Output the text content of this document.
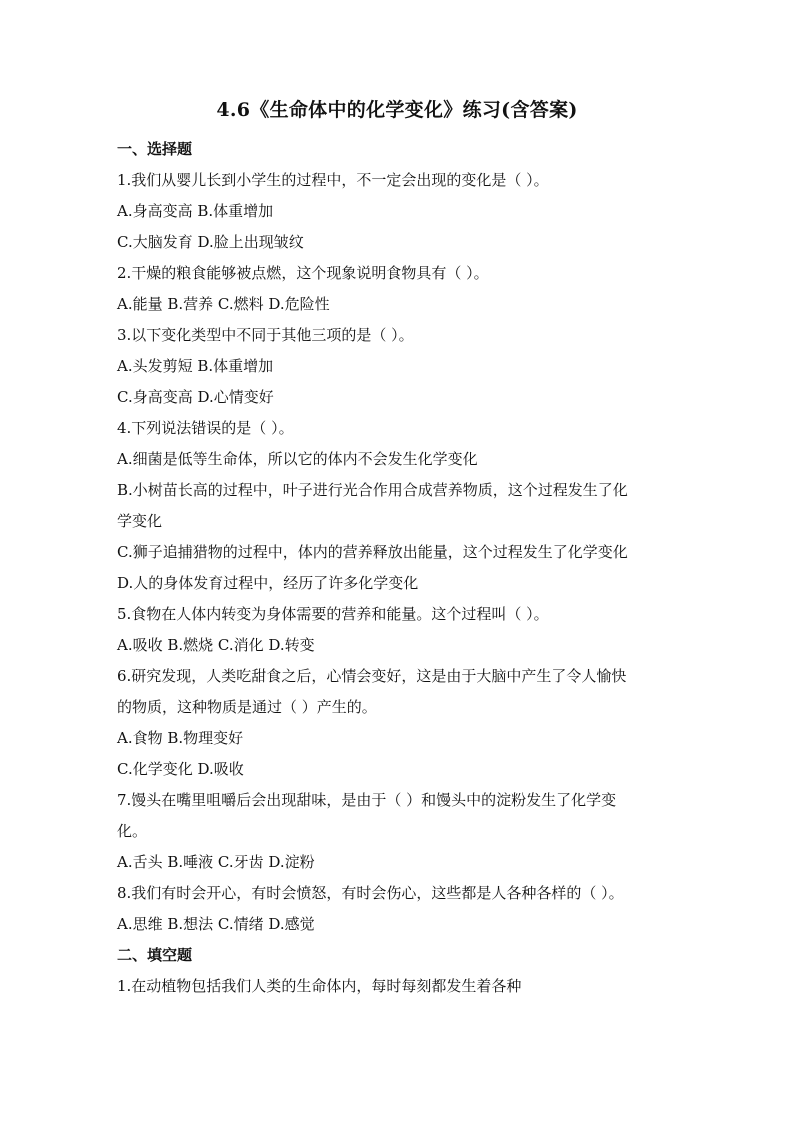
4.6《生命体中的化学变化》练习(含答案)
一、选择题
1.我们从婴儿长到小学生的过程中，不一定会出现的变化是（ ）。
A.身高变高 B.体重增加
C.大脑发育 D.脸上出现皱纹
2.干燥的粮食能够被点燃，这个现象说明食物具有（ ）。
A.能量 B.营养 C.燃料 D.危险性
3.以下变化类型中不同于其他三项的是（ ）。
A.头发剪短 B.体重增加
C.身高变高 D.心情变好
4.下列说法错误的是（ ）。
A.细菌是低等生命体，所以它的体内不会发生化学变化
B.小树苗长高的过程中，叶子进行光合作用合成营养物质，这个过程发生了化
学变化
C.狮子追捕猎物的过程中，体内的营养释放出能量，这个过程发生了化学变化
D.人的身体发育过程中，经历了许多化学变化
5.食物在人体内转变为身体需要的营养和能量。这个过程叫（ ）。
A.吸收 B.燃烧 C.消化 D.转变
6.研究发现，人类吃甜食之后，心情会变好，这是由于大脑中产生了令人愉快
的物质，这种物质是通过（ ）产生的。
A.食物 B.物理变好
C.化学变化 D.吸收
7.馒头在嘴里咀嚼后会出现甜味，是由于（ ）和馒头中的淀粉发生了化学变
化。
A.舌头 B.唾液 C.牙齿 D.淀粉
8.我们有时会开心，有时会愤怒，有时会伤心，这些都是人各种各样的（ ）。
A.思维 B.想法 C.情绪 D.感觉
二、填空题
1.在动植物包括我们人类的生命体内，每时每刻都发生着各种
